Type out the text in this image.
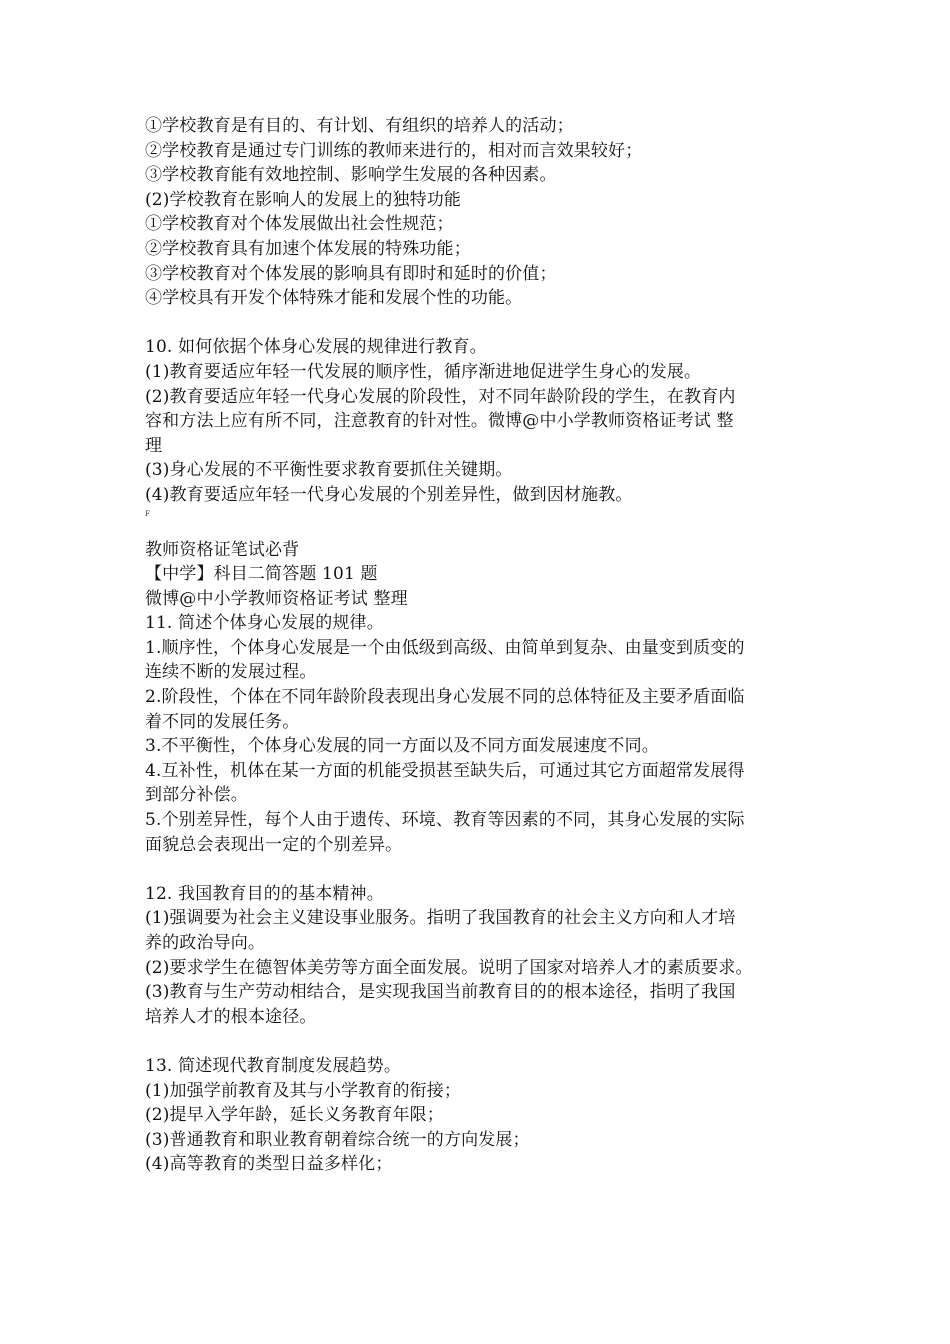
①学校教育是有目的、有计划、有组织的培养人的活动；
②学校教育是通过专门训练的教师来进行的，相对而言效果较好；
③学校教育能有效地控制、影响学生发展的各种因素。
(2)学校教育在影响人的发展上的独特功能
①学校教育对个体发展做出社会性规范；
②学校教育具有加速个体发展的特殊功能；
③学校教育对个体发展的影响具有即时和延时的价值；
④学校具有开发个体特殊才能和发展个性的功能。
10. 如何依据个体身心发展的规律进行教育。
(1)教育要适应年轻一代发展的顺序性，循序渐进地促进学生身心的发展。
(2)教育要适应年轻一代身心发展的阶段性，对不同年龄阶段的学生，在教育内
容和方法上应有所不同，注意教育的针对性。微博@中小学教师资格证考试 整
理
(3)身心发展的不平衡性要求教育要抓住关键期。
(4)教育要适应年轻一代身心发展的个别差异性，做到因材施教。
F
教师资格证笔试必背
【中学】科目二简答题 101 题
微博@中小学教师资格证考试 整理
11. 简述个体身心发展的规律。
1.顺序性，个体身心发展是一个由低级到高级、由简单到复杂、由量变到质变的
连续不断的发展过程。
2.阶段性，个体在不同年龄阶段表现出身心发展不同的总体特征及主要矛盾面临
着不同的发展任务。
3.不平衡性，个体身心发展的同一方面以及不同方面发展速度不同。
4.互补性，机体在某一方面的机能受损甚至缺失后，可通过其它方面超常发展得
到部分补偿。
5.个别差异性，每个人由于遗传、环境、教育等因素的不同，其身心发展的实际
面貌总会表现出一定的个别差异。
12. 我国教育目的的基本精神。
(1)强调要为社会主义建设事业服务。指明了我国教育的社会主义方向和人才培
养的政治导向。
(2)要求学生在德智体美劳等方面全面发展。说明了国家对培养人才的素质要求。
(3)教育与生产劳动相结合，是实现我国当前教育目的的根本途径，指明了我国
培养人才的根本途径。
13. 简述现代教育制度发展趋势。
(1)加强学前教育及其与小学教育的衔接；
(2)提早入学年龄，延长义务教育年限；
(3)普通教育和职业教育朝着综合统一的方向发展；
(4)高等教育的类型日益多样化；
